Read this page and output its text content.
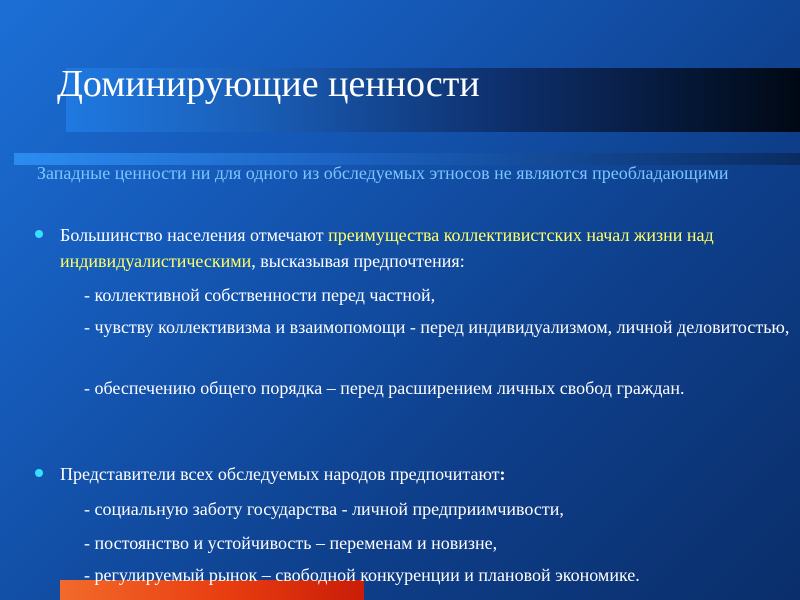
Доминирующие ценности
Западные ценности ни для одного из обследуемых этносов не являются преобладающими
Большинство населения отмечают преимущества коллективистских начал жизни над индивидуалистическими, высказывая предпочтения:
- коллективной собственности перед частной,
- чувству коллективизма и взаимопомощи - перед индивидуализмом, личной деловитостью,
- обеспечению общего порядка – перед расширением личных свобод граждан.
Представители всех обследуемых народов предпочитают:
- социальную заботу государства - личной предприимчивости,
- постоянство и устойчивость – переменам и новизне,
- регулируемый рынок – свободной конкуренции и плановой экономике.
